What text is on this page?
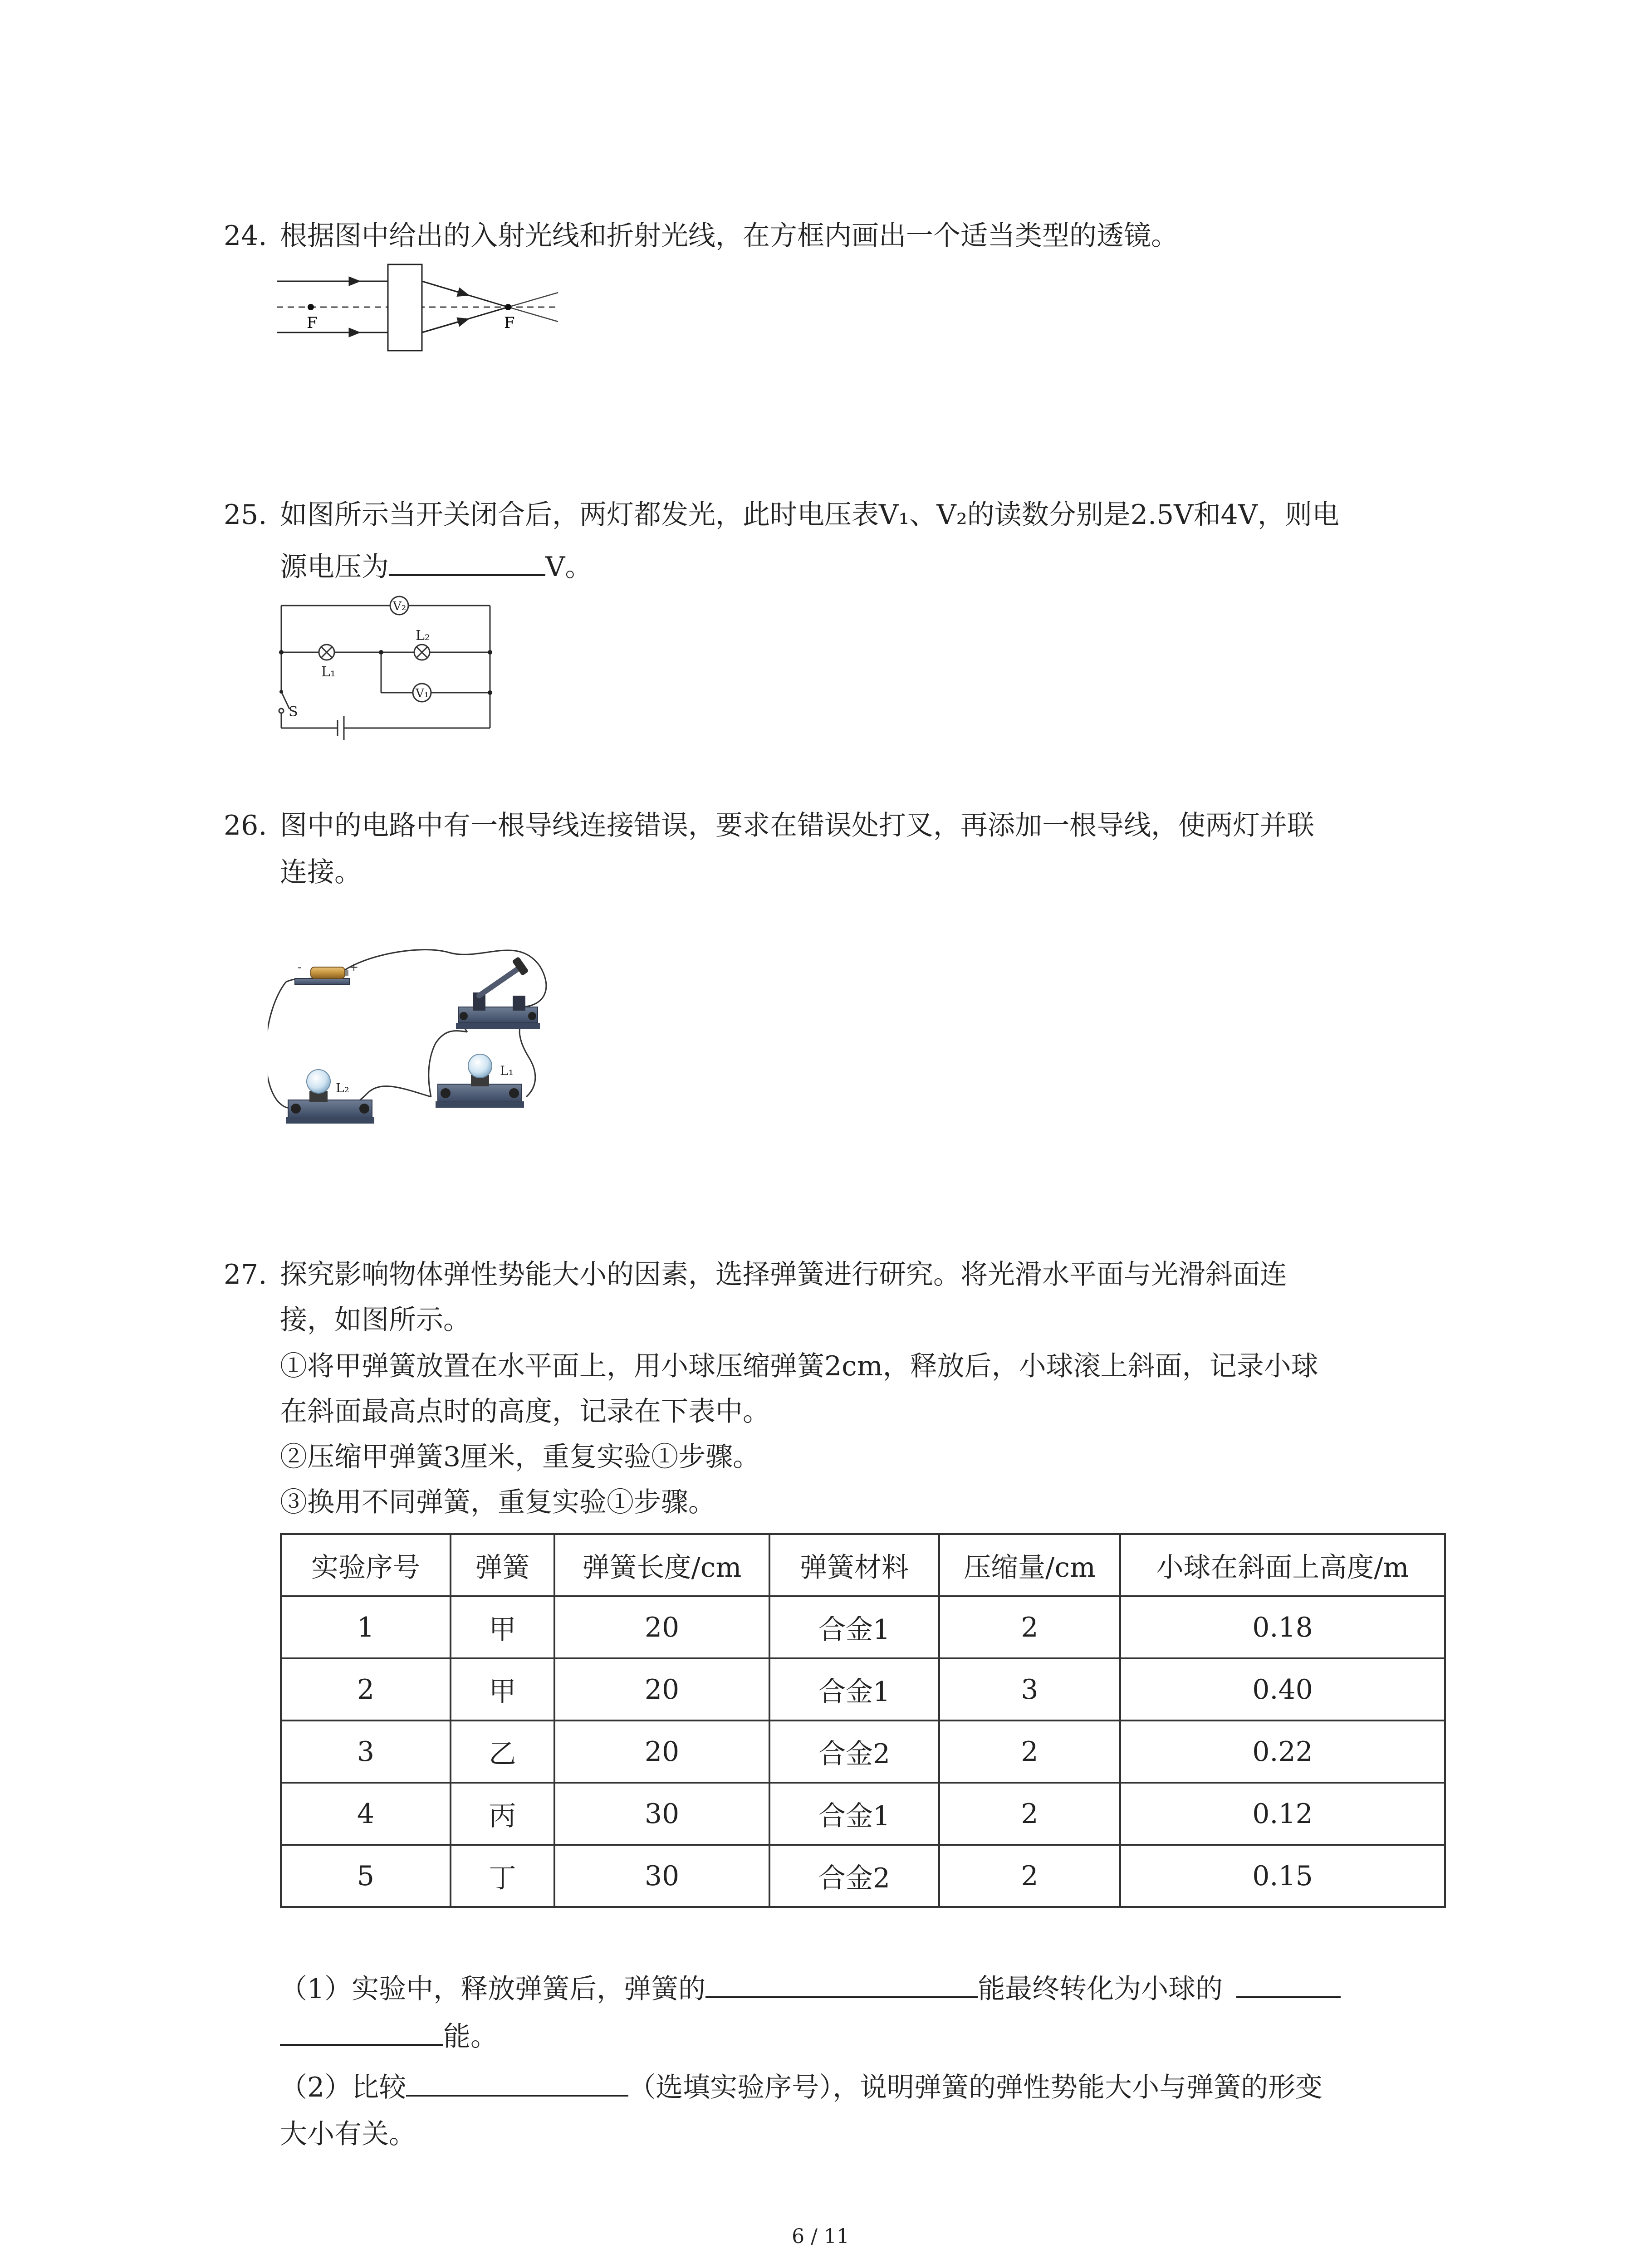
24. 根据图中给出的入射光线和折射光线，在方框内画出一个适当类型的透镜。
F	F
25. 如图所示当开关闭合后，两灯都发光，此时电压表V₁、V₂的读数分别是2.5V和4V，则电
源电压为	V。
V₂
V₁
L₁
L₂
S
26. 图中的电路中有一根导线连接错误，要求在错误处打叉，再添加一根导线，使两灯并联
连接。
-	+
L₁
L₂
27. 探究影响物体弹性势能大小的因素，选择弹簧进行研究。将光滑水平面与光滑斜面连
接，如图所示。
①将甲弹簧放置在水平面上，用小球压缩弹簧2cm，释放后，小球滚上斜面，记录小球
在斜面最高点时的高度，记录在下表中。
②压缩甲弹簧3厘米，重复实验①步骤。
③换用不同弹簧，重复实验①步骤。
实验序号	弹簧	弹簧长度/cm	弹簧材料	压缩量/cm	小球在斜面上高度/m
1	甲	20	合金1	2	0.18
2	甲	20	合金1	3	0.40
3	乙	20	合金2	2	0.22
4	丙	30	合金1	2	0.12
5	丁	30	合金2	2	0.15
（1）实验中，释放弹簧后，弹簧的	能最终转化为小球的
能。
（2）比较	（选填实验序号），说明弹簧的弹性势能大小与弹簧的形变
大小有关。
6 / 11
